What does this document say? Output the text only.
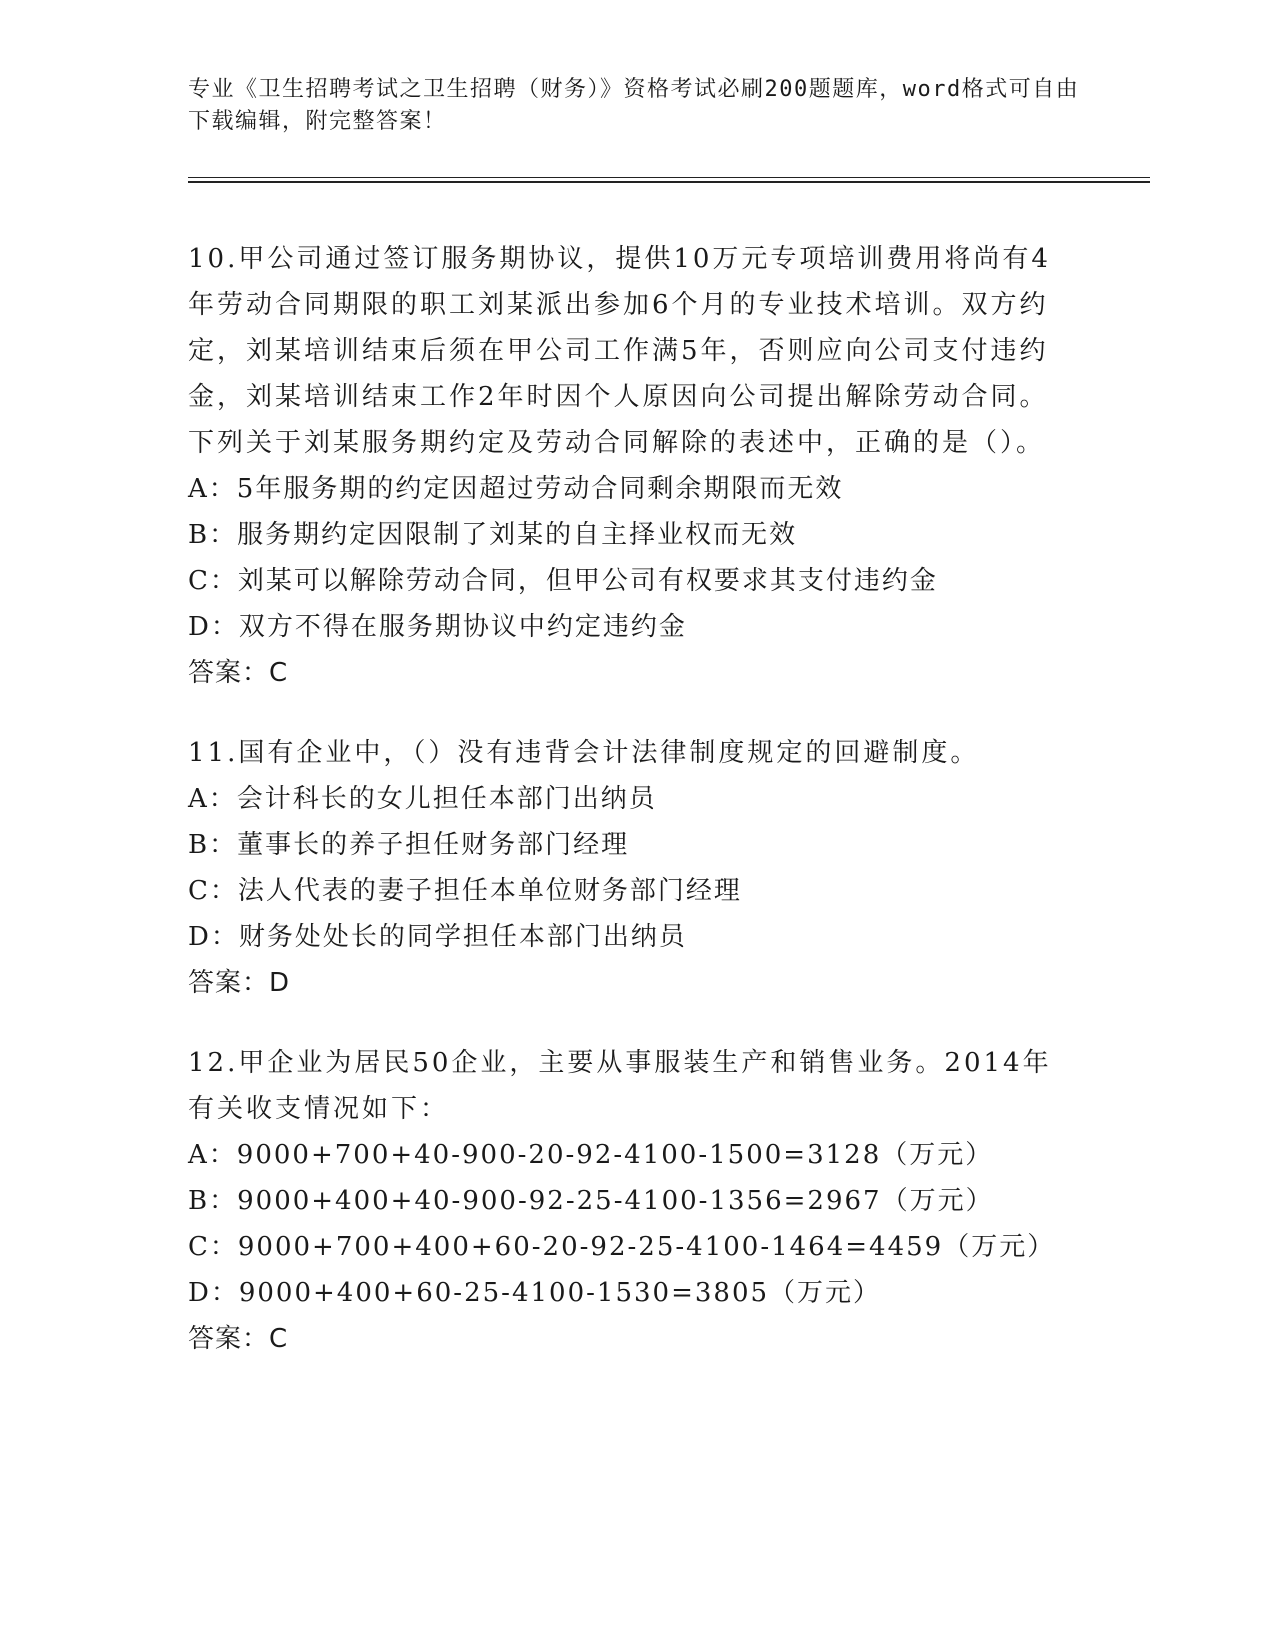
专业《卫生招聘考试之卫生招聘（财务）》资格考试必刷200题题库，word格式可自由下载编辑，附完整答案！
10.甲公司通过签订服务期协议，提供10万元专项培训费用将尚有4年劳动合同期限的职工刘某派出参加6个月的专业技术培训。双方约定，刘某培训结束后须在甲公司工作满5年，否则应向公司支付违约金，刘某培训结束工作2年时因个人原因向公司提出解除劳动合同。下列关于刘某服务期约定及劳动合同解除的表述中，正确的是（）。
A：5年服务期的约定因超过劳动合同剩余期限而无效
B：服务期约定因限制了刘某的自主择业权而无效
C：刘某可以解除劳动合同，但甲公司有权要求其支付违约金
D：双方不得在服务期协议中约定违约金
答案：C
11.国有企业中，（）没有违背会计法律制度规定的回避制度。
A：会计科长的女儿担任本部门出纳员
B：董事长的养子担任财务部门经理
C：法人代表的妻子担任本单位财务部门经理
D：财务处处长的同学担任本部门出纳员
答案：D
12.甲企业为居民50企业，主要从事服装生产和销售业务。2014年有关收支情况如下：
A：9000+700+40-900-20-92-4100-1500=3128（万元）
B：9000+400+40-900-92-25-4100-1356=2967（万元）
C：9000+700+400+60-20-92-25-4100-1464=4459（万元）
D：9000+400+60-25-4100-1530=3805（万元）
答案：C
